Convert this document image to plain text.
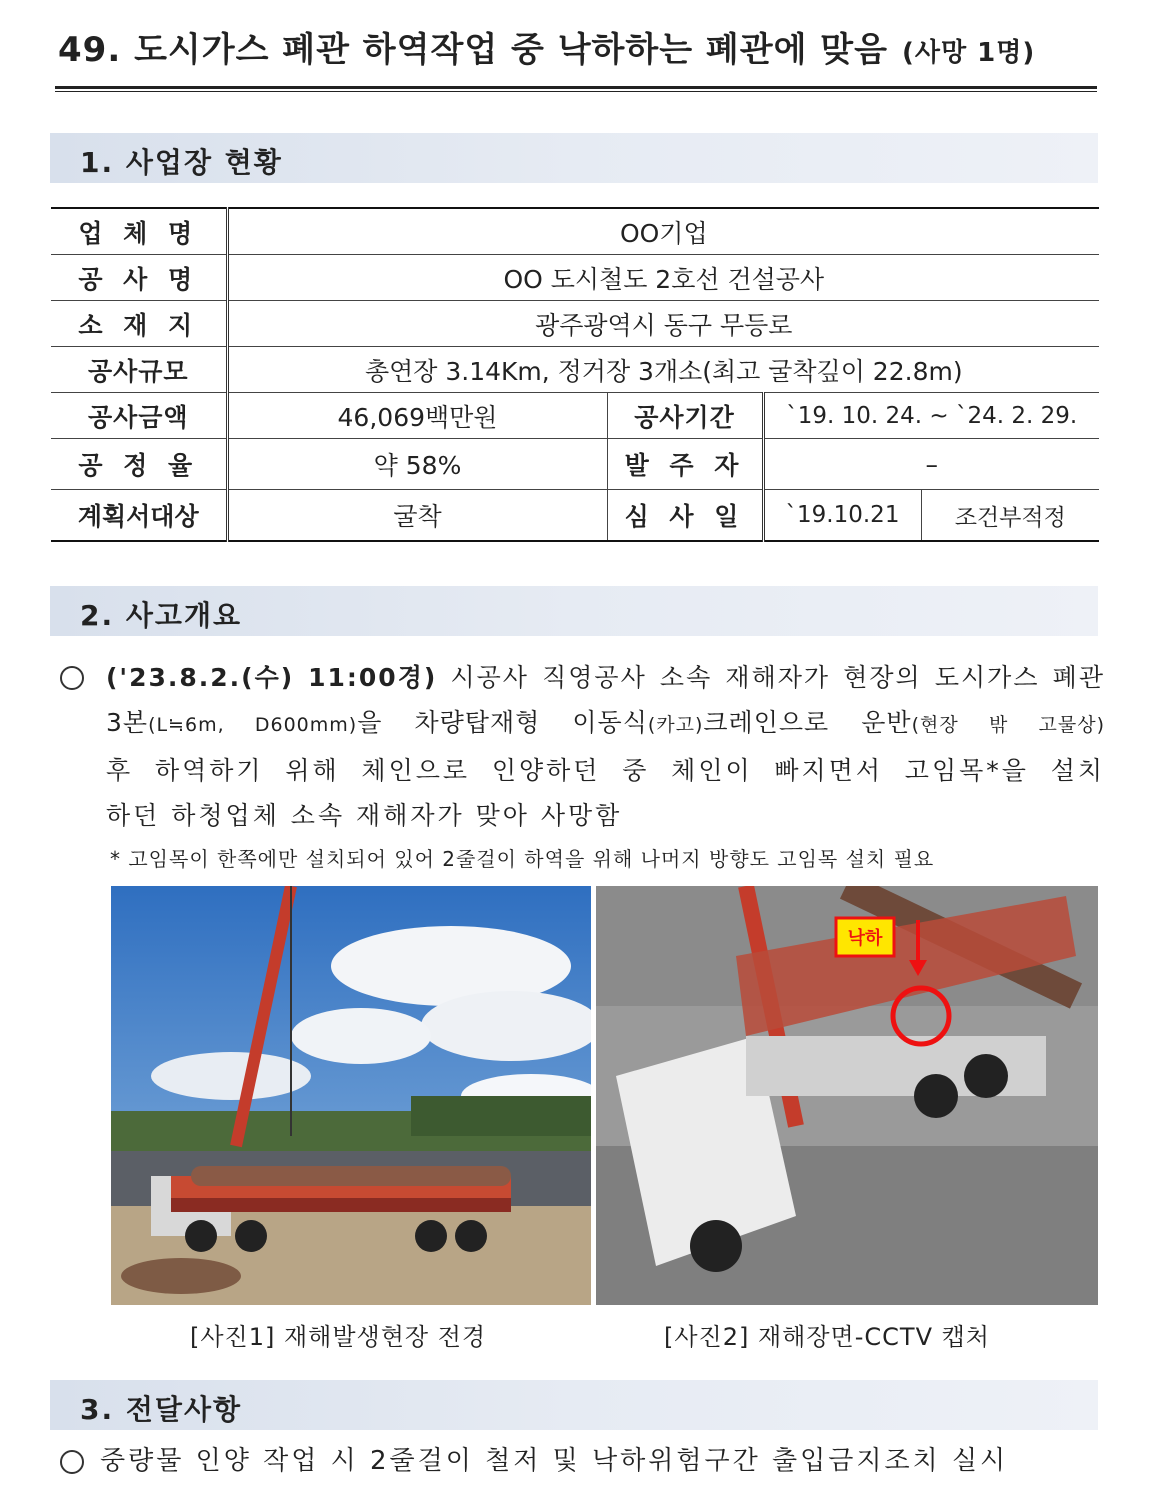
49. 도시가스 폐관 하역작업 중 낙하하는 폐관에 맞음 (사망 1명)
1. 사업장 현황
업 체 명	OO기업			
공 사 명	OO 도시철도 2호선 건설공사			
소 재 지	광주광역시 동구 무등로			
공사규모	총연장 3.14Km, 정거장 3개소(최고 굴착깊이 22.8m)			
공사금액	46,069백만원	공사기간	`19. 10. 24. ~ `24. 2. 29.	
공 정 율	약 58%	발 주 자	–	
계획서대상	굴착	심 사 일	`19.10.21	조건부적정
2. 사고개요
('23.8.2.(수) 11:00경) 시공사 직영공사 소속 재해자가 현장의 도시가스 폐관
3본(L≒6m, D600mm)을 차량탑재형 이동식(카고)크레인으로 운반(현장 밖 고물상)
후 하역하기 위해 체인으로 인양하던 중 체인이 빠지면서 고임목*을 설치
하던 하청업체 소속 재해자가 맞아 사망함
* 고임목이 한쪽에만 설치되어 있어 2줄걸이 하역을 위해 나머지 방향도 고임목 설치 필요
낙하
[사진1] 재해발생현장 전경	[사진2] 재해장면-CCTV 캡처
3. 전달사항
중량물 인양 작업 시 2줄걸이 철저 및 낙하위험구간 출입금지조치 실시
